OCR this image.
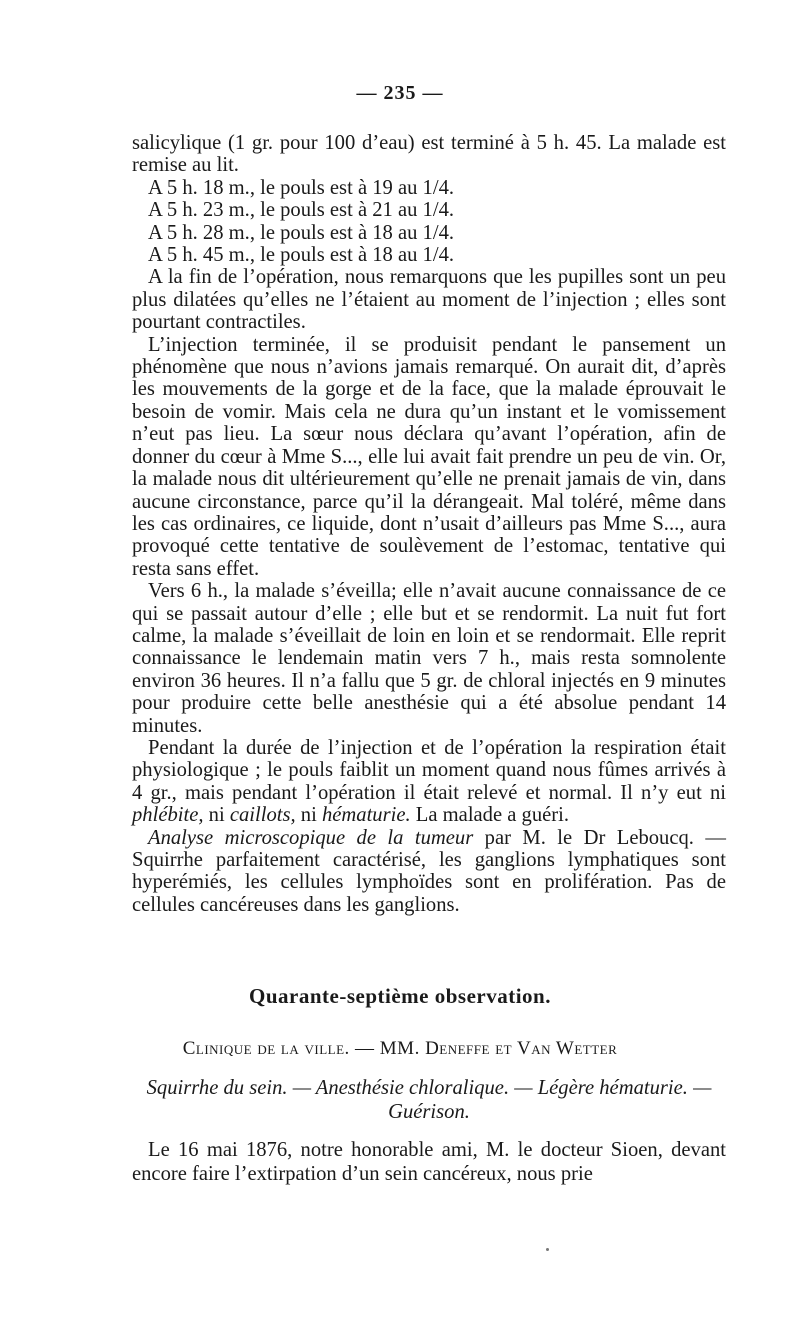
— 235 —

salicylique (1 gr. pour 100 d’eau) est terminé à 5 h. 45. La malade est remise au lit.

A 5 h. 18 m., le pouls est à 19 au 1/4.

A 5 h. 23 m., le pouls est à 21 au 1/4.

A 5 h. 28 m., le pouls est à 18 au 1/4.

A 5 h. 45 m., le pouls est à 18 au 1/4.

A la fin de l’opération, nous remarquons que les pupilles sont un peu plus dilatées qu’elles ne l’étaient au moment de l’injection ; elles sont pourtant contractiles.

L’injection terminée, il se produisit pendant le pansement un phénomène que nous n’avions jamais remarqué. On aurait dit, d’après les mouvements de la gorge et de la face, que la malade éprouvait le besoin de vomir. Mais cela ne dura qu’un instant et le vomissement n’eut pas lieu. La sœur nous déclara qu’avant l’opération, afin de donner du cœur à Mme S..., elle lui avait fait prendre un peu de vin. Or, la malade nous dit ultérieurement qu’elle ne prenait jamais de vin, dans aucune circonstance, parce qu’il la dérangeait. Mal toléré, même dans les cas ordinaires, ce liquide, dont n’usait d’ailleurs pas Mme S..., aura provoqué cette tentative de soulèvement de l’estomac, tentative qui resta sans effet.

Vers 6 h., la malade s’éveilla; elle n’avait aucune connaissance de ce qui se passait autour d’elle ; elle but et se rendormit. La nuit fut fort calme, la malade s’éveillait de loin en loin et se rendormait. Elle reprit connaissance le lendemain matin vers 7 h., mais resta somnolente environ 36 heures. Il n’a fallu que 5 gr. de chloral injectés en 9 minutes pour produire cette belle anesthésie qui a été absolue pendant 14 minutes.

Pendant la durée de l’injection et de l’opération la respiration était physiologique ; le pouls faiblit un moment quand nous fûmes arrivés à 4 gr., mais pendant l’opération il était relevé et normal. Il n’y eut ni phlébite, ni caillots, ni hématurie. La malade a guéri.

Analyse microscopique de la tumeur par M. le Dr Leboucq. —Squirrhe parfaitement caractérisé, les ganglions lymphatiques sont hyperémiés, les cellules lymphoïdes sont en prolifération. Pas de cellules cancéreuses dans les ganglions.

Quarante-septième observation.
Clinique de la ville. — MM. Deneffe et Van Wetter
Squirrhe du sein. — Anesthésie chloralique. — Légère hématurie. — Guérison.

Le 16 mai 1876, notre honorable ami, M. le docteur Sioen, devant encore faire l’extirpation d’un sein cancéreux, nous prie
